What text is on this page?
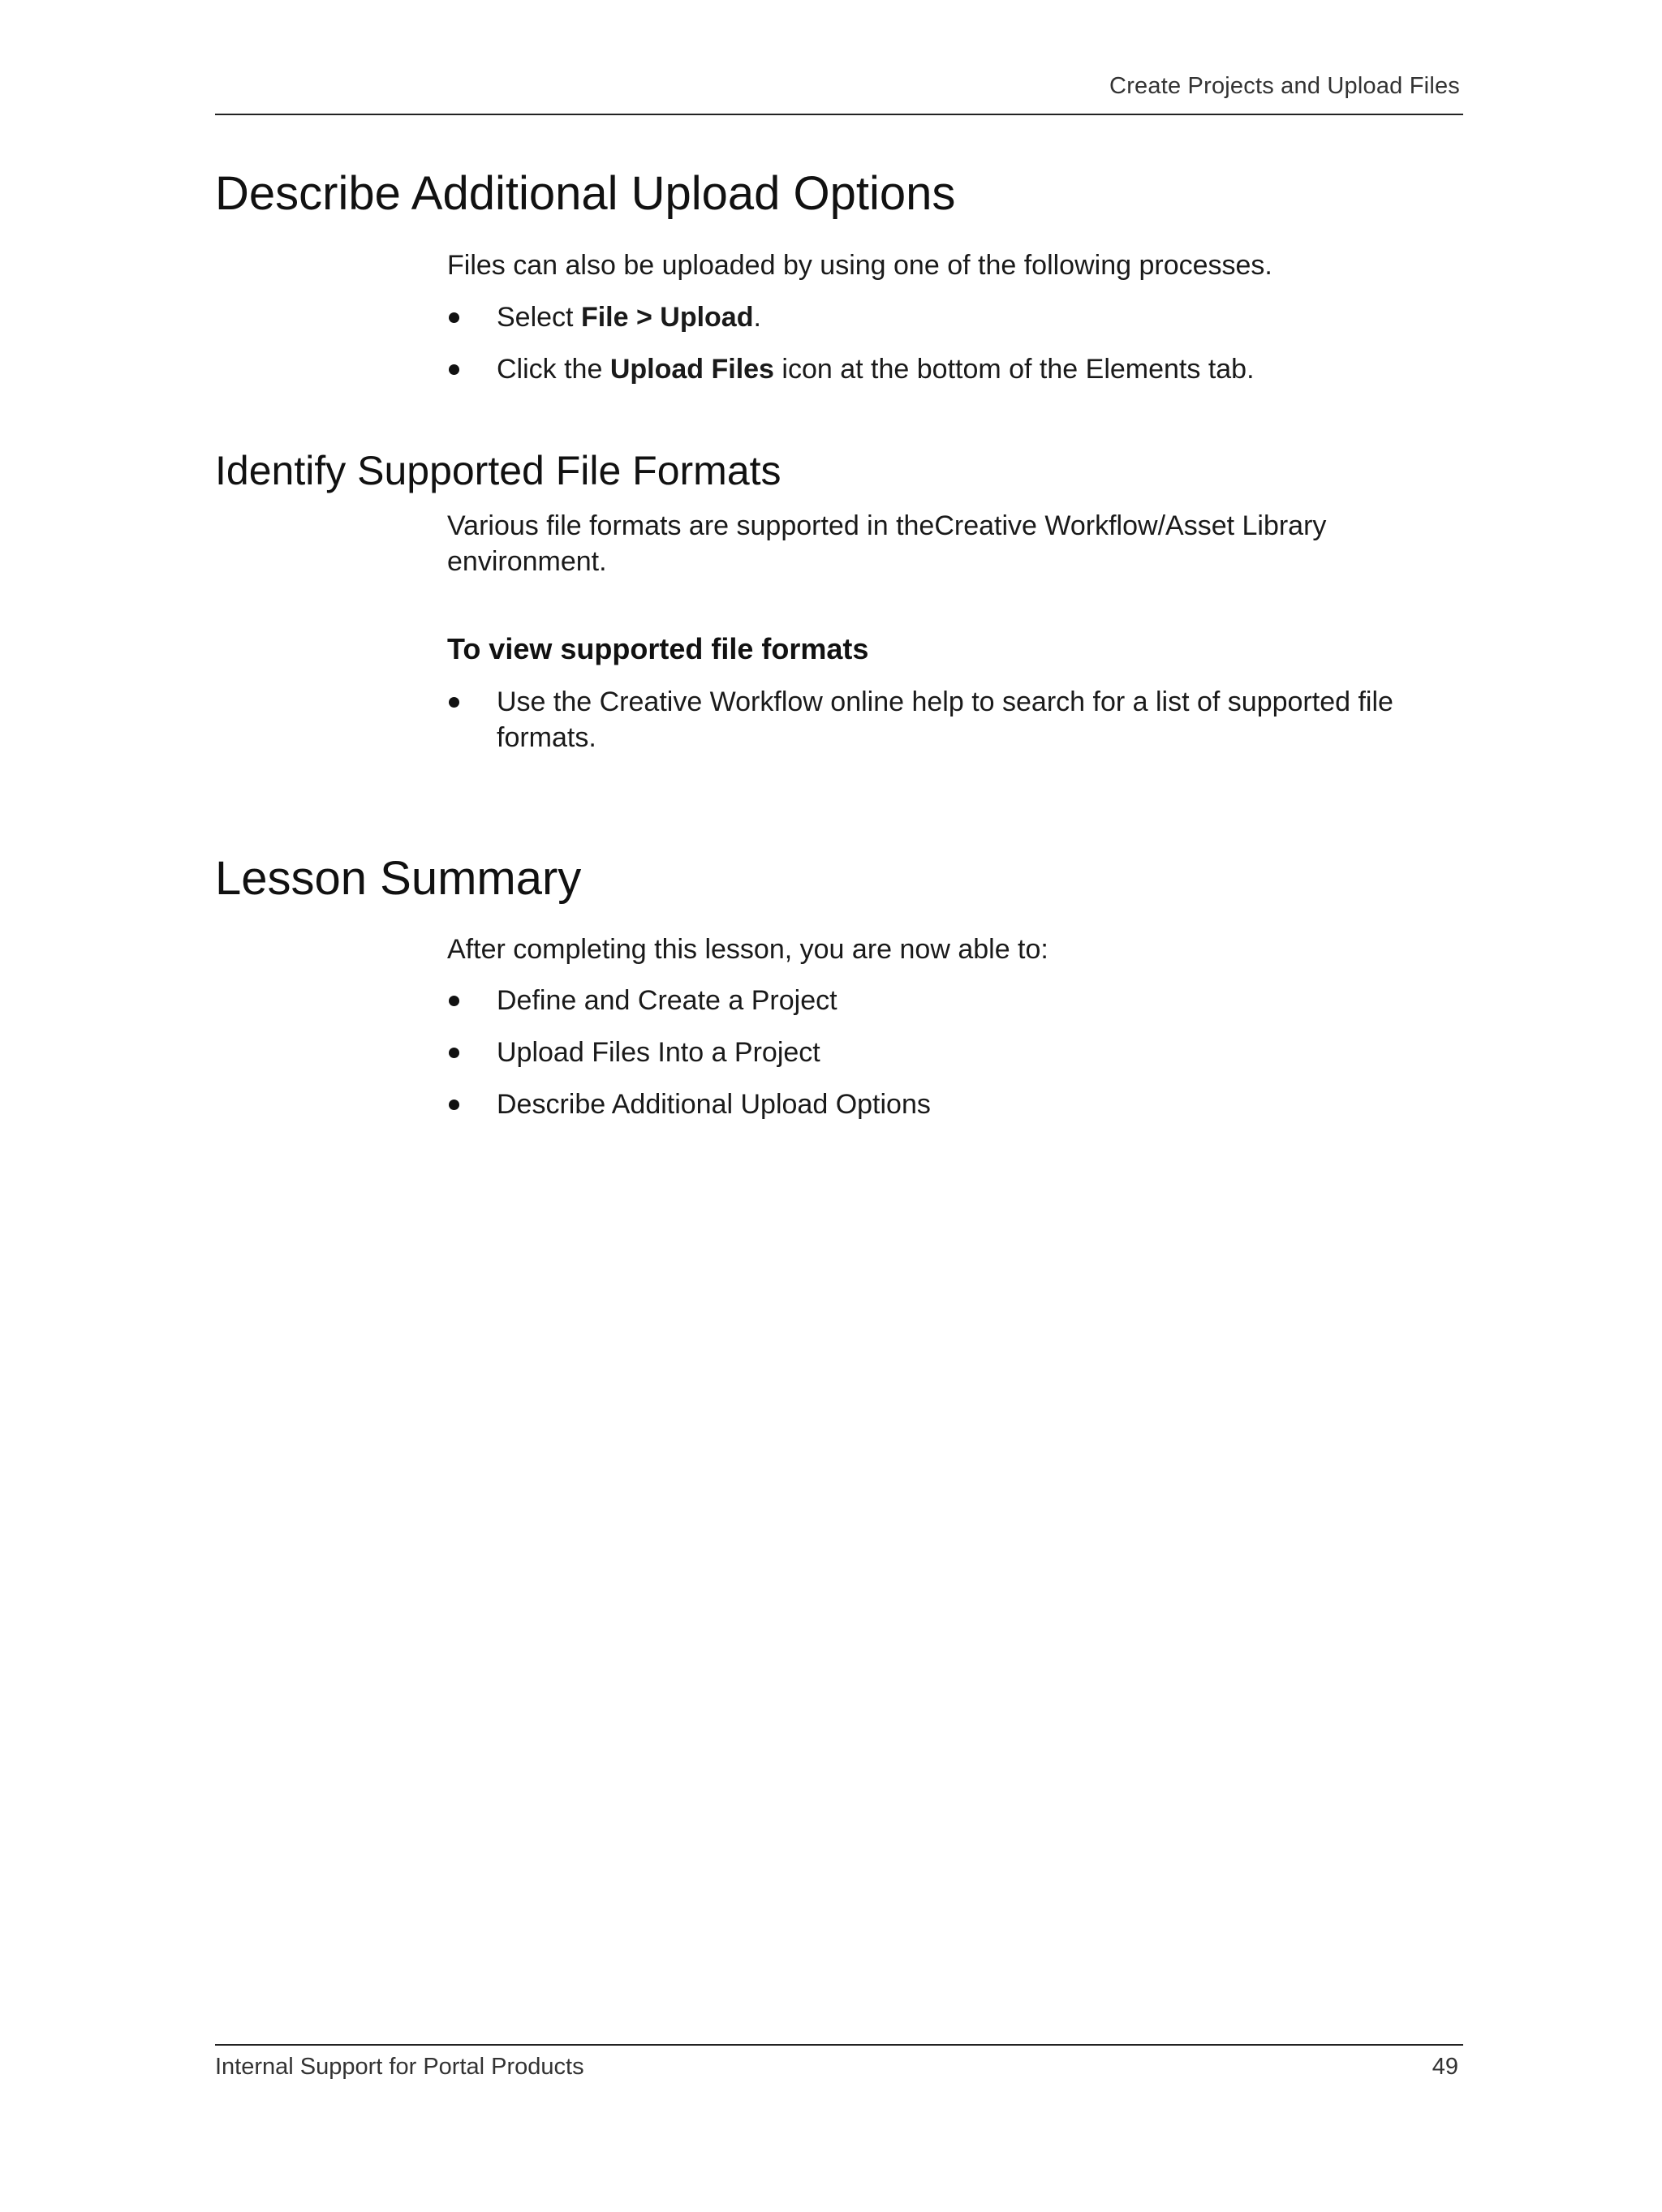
Create Projects and Upload Files
Describe Additional Upload Options

Files can also be uploaded by using one of the following processes.

Select File > Upload.
Click the Upload Files icon at the bottom of the Elements tab.
Identify Supported File Formats

Various file formats are supported in theCreative Workflow/Asset Library environment.

To view supported file formats
Use the Creative Workflow online help to search for a list of supported file formats.
Lesson Summary

After completing this lesson, you are now able to:

Define and Create a Project
Upload Files Into a Project
Describe Additional Upload Options
Internal Support for Portal Products	49
